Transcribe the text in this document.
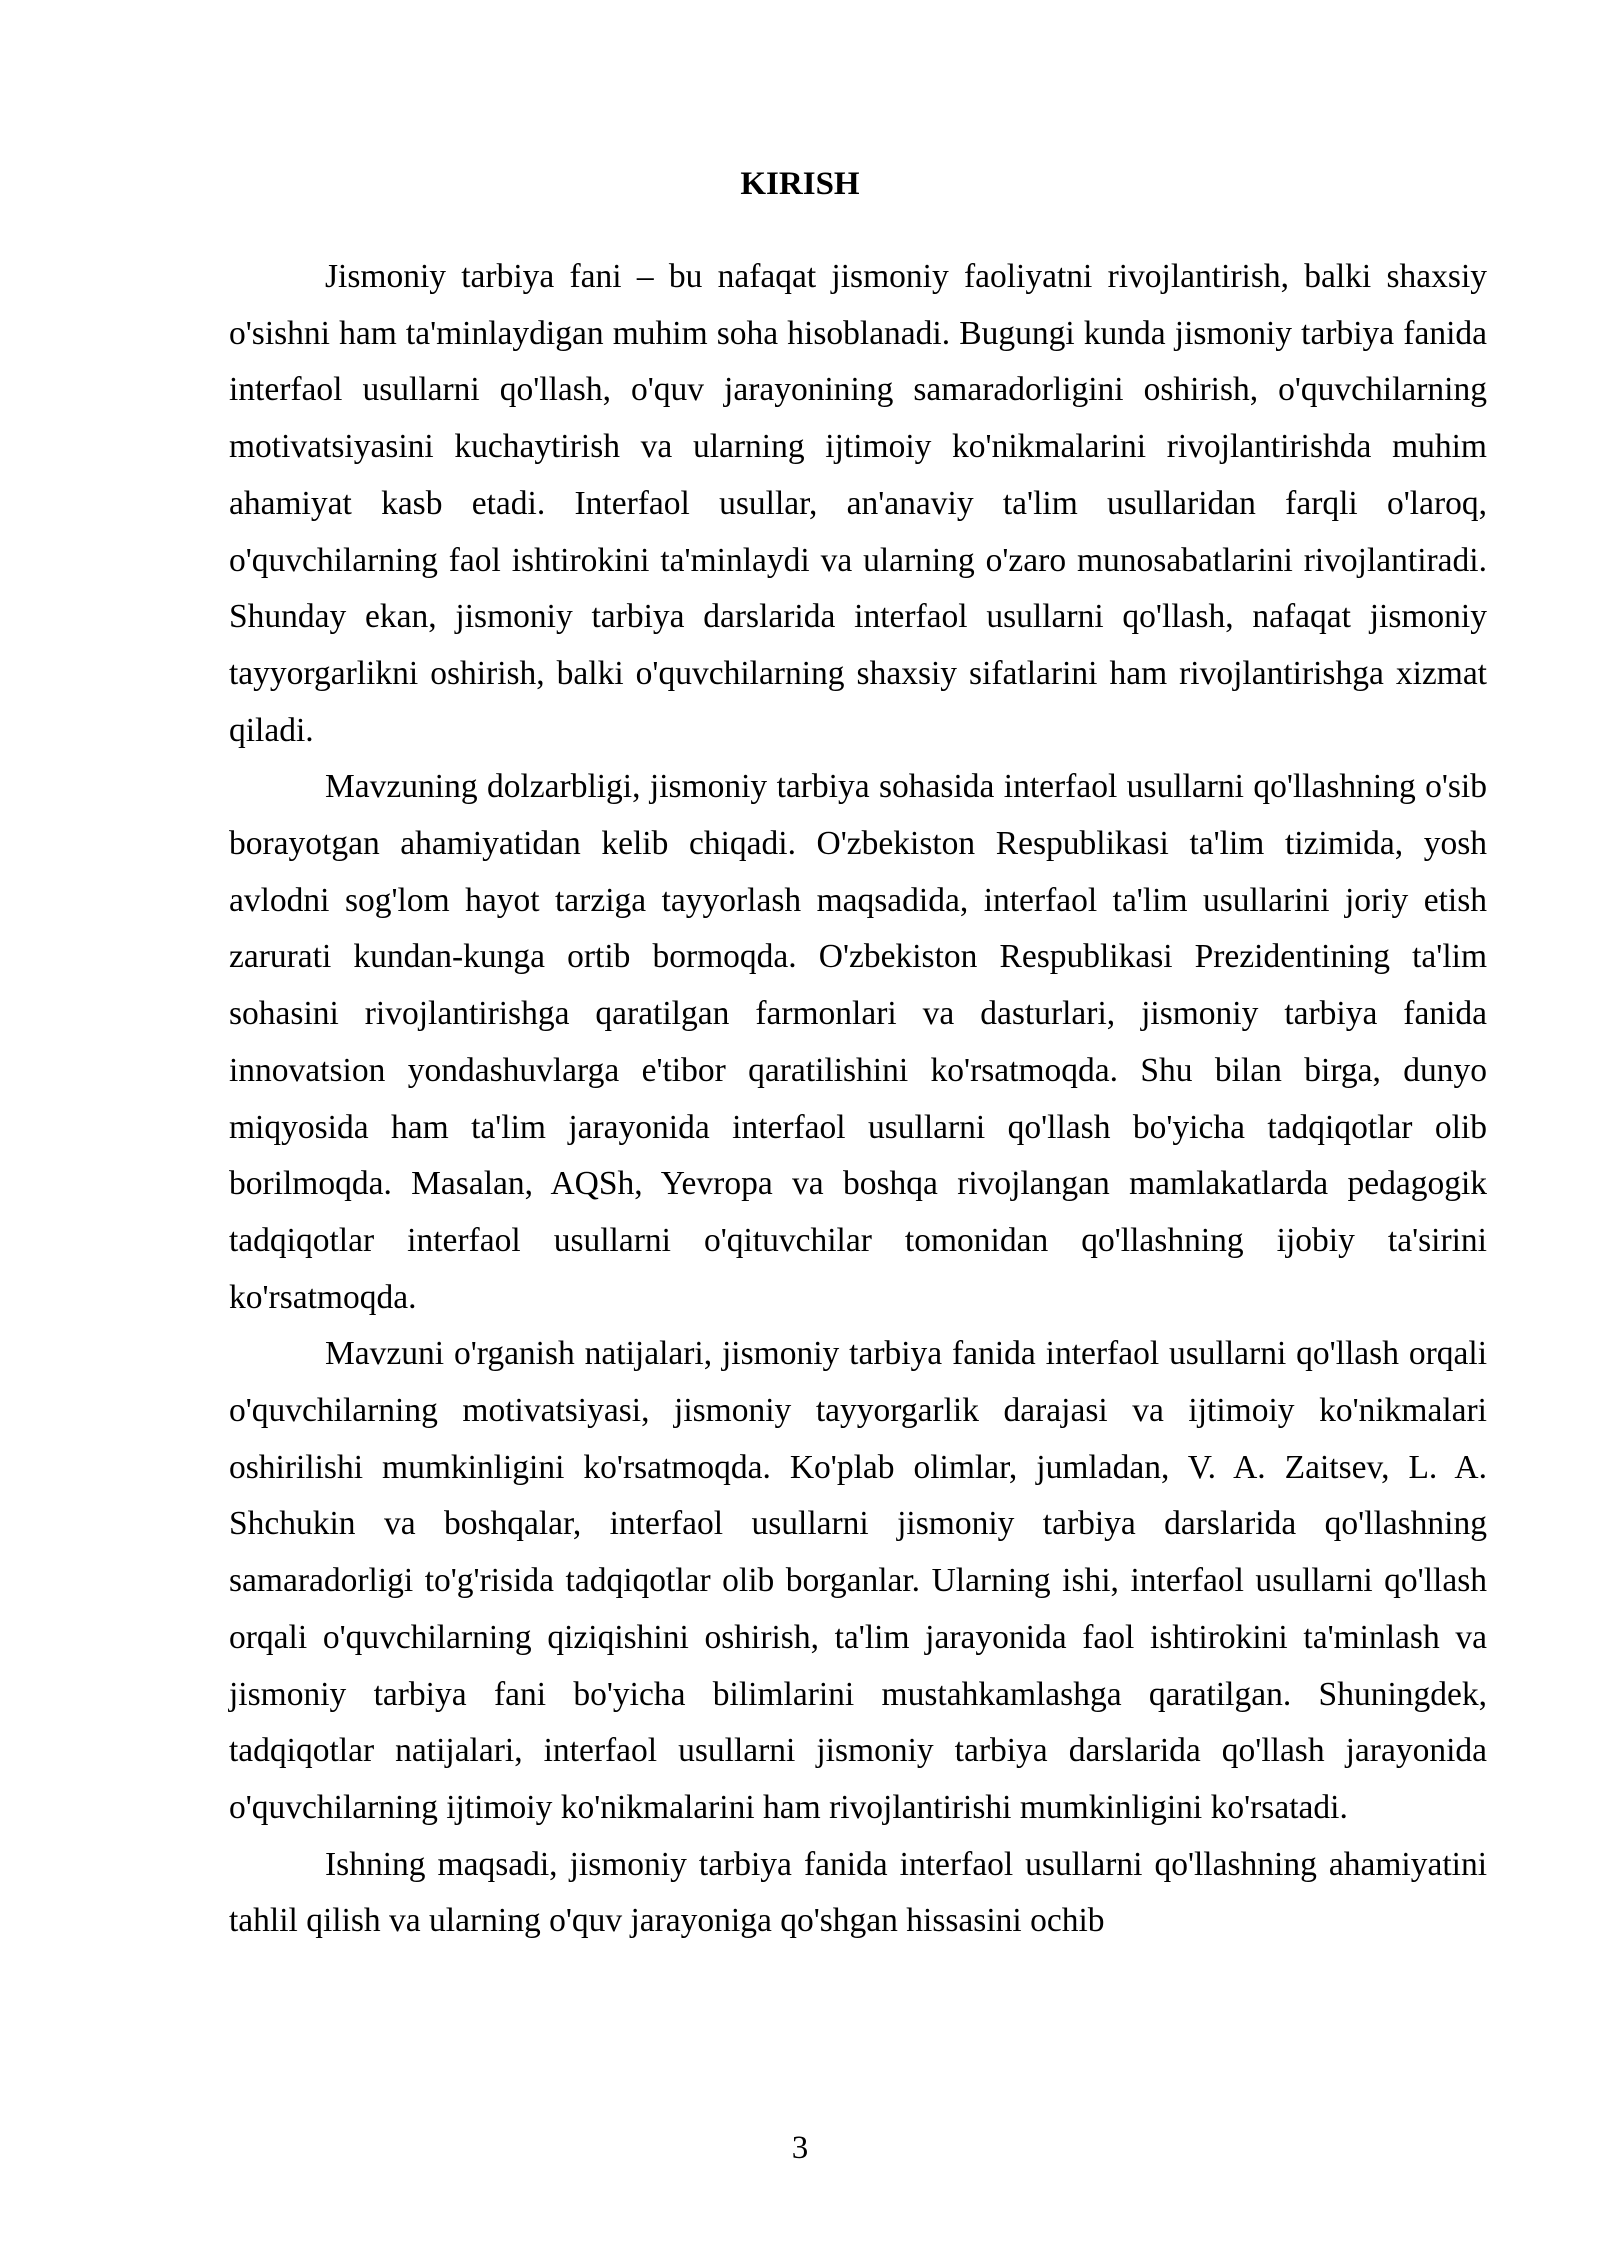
KIRISH

Jismoniy tarbiya fani – bu nafaqat jismoniy faoliyatni rivojlantirish, balki shaxsiy o'sishni ham ta'minlaydigan muhim soha hisoblanadi. Bugungi kunda jismoniy tarbiya fanida interfaol usullarni qo'llash, o'quv jarayonining samaradorligini oshirish, o'quvchilarning motivatsiyasini kuchaytirish va ularning ijtimoiy ko'nikmalarini rivojlantirishda muhim ahamiyat kasb etadi. Interfaol usullar, an'anaviy ta'lim usullaridan farqli o'laroq, o'quvchilarning faol ishtirokini ta'minlaydi va ularning o'zaro munosabatlarini rivojlantiradi. Shunday ekan, jismoniy tarbiya darslarida interfaol usullarni qo'llash, nafaqat jismoniy tayyorgarlikni oshirish, balki o'quvchilarning shaxsiy sifatlarini ham rivojlantirishga xizmat qiladi.

Mavzuning dolzarbligi, jismoniy tarbiya sohasida interfaol usullarni qo'llashning o'sib borayotgan ahamiyatidan kelib chiqadi. O'zbekiston Respublikasi ta'lim tizimida, yosh avlodni sog'lom hayot tarziga tayyorlash maqsadida, interfaol ta'lim usullarini joriy etish zarurati kundan-kunga ortib bormoqda. O'zbekiston Respublikasi Prezidentining ta'lim sohasini rivojlantirishga qaratilgan farmonlari va dasturlari, jismoniy tarbiya fanida innovatsion yondashuvlarga e'tibor qaratilishini ko'rsatmoqda. Shu bilan birga, dunyo miqyosida ham ta'lim jarayonida interfaol usullarni qo'llash bo'yicha tadqiqotlar olib borilmoqda. Masalan, AQSh, Yevropa va boshqa rivojlangan mamlakatlarda pedagogik tadqiqotlar interfaol usullarni o'qituvchilar tomonidan qo'llashning ijobiy ta'sirini ko'rsatmoqda.

Mavzuni o'rganish natijalari, jismoniy tarbiya fanida interfaol usullarni qo'llash orqali o'quvchilarning motivatsiyasi, jismoniy tayyorgarlik darajasi va ijtimoiy ko'nikmalari oshirilishi mumkinligini ko'rsatmoqda. Ko'plab olimlar, jumladan, V. A. Zaitsev, L. A. Shchukin va boshqalar, interfaol usullarni jismoniy tarbiya darslarida qo'llashning samaradorligi to'g'risida tadqiqotlar olib borganlar. Ularning ishi, interfaol usullarni qo'llash orqali o'quvchilarning qiziqishini oshirish, ta'lim jarayonida faol ishtirokini ta'minlash va jismoniy tarbiya fani bo'yicha bilimlarini mustahkamlashga qaratilgan. Shuningdek, tadqiqotlar natijalari, interfaol usullarni jismoniy tarbiya darslarida qo'llash jarayonida o'quvchilarning ijtimoiy ko'nikmalarini ham rivojlantirishi mumkinligini ko'rsatadi.

Ishning maqsadi, jismoniy tarbiya fanida interfaol usullarni qo'llashning ahamiyatini tahlil qilish va ularning o'quv jarayoniga qo'shgan hissasini ochib

3
